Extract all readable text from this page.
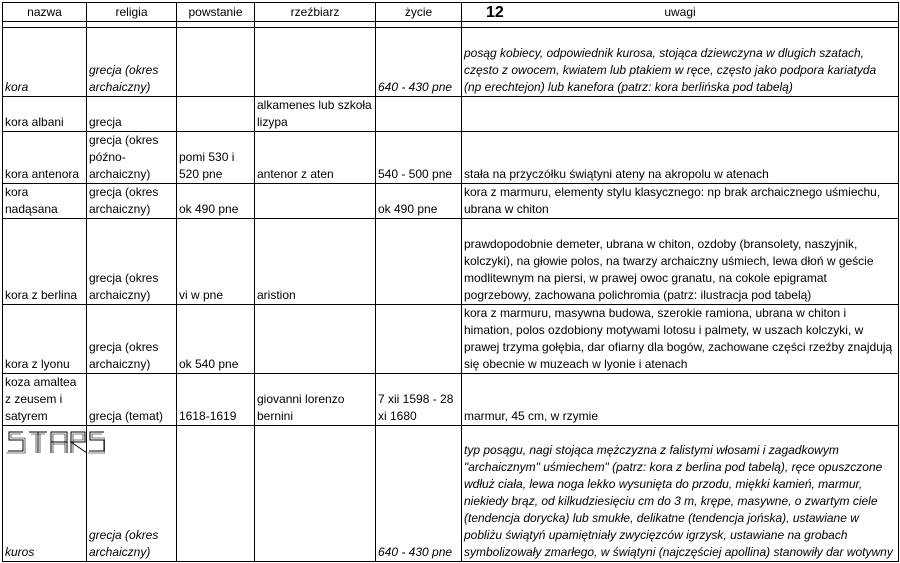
nazwa	religia	powstanie	rzeźbiarz	życie	12 uwagi

kora	grecja (okres archaiczny)			640 - 430 pne	posąg kobiecy, odpowiednik kurosa, stojąca dziewczyna w dlugich szatach, często z owocem, kwiatem lub ptakiem w ręce, często jako podpora kariatyda (np erechtejon) lub kanefora (patrz: kora berlińska pod tabelą)
kora albani	grecja		alkamenes lub szkoła lizypa		
kora antenora	grecja (okres późno-archaiczny)	pomi 530 i 520 pne	antenor z aten	540 - 500 pne	stała na przyczółku świątyni ateny na akropolu w atenach
kora nadąsana	grecja (okres archaiczny)	ok 490 pne		ok 490 pne	kora z marmuru, elementy stylu klasycznego: np brak archaicznego uśmiechu, ubrana w chiton
kora z berlina	grecja (okres archaiczny)	vi w pne	aristion		prawdopodobnie demeter, ubrana w chiton, ozdoby (bransolety, naszyjnik, kolczyki), na głowie polos, na twarzy archaiczny uśmiech, lewa dłoń w geście modlitewnym na piersi, w prawej owoc granatu, na cokole epigramat pogrzebowy, zachowana polichromia (patrz: ilustracja pod tabelą)
kora z lyonu	grecja (okres archaiczny)	ok 540 pne			kora z marmuru, masywna budowa, szerokie ramiona, ubrana w chiton i himation, polos ozdobiony motywami lotosu i palmety, w uszach kolczyki, w prawej trzyma gołębia, dar ofiarny dla bogów, zachowane części rzeźby znajdują się obecnie w muzeach w lyonie i atenach
koza amaltea z zeusem i satyrem	grecja (temat)	1618-1619	giovanni lorenzo bernini	7 xii 1598 - 28 xi 1680	marmur, 45 cm, w rzymie
kuros	grecja (okres archaiczny)			640 - 430 pne	typ posągu, nagi stojąca mężczyzna z falistymi włosami i zagadkowym "archaicznym" uśmiechem" (patrz: kora z berlina pod tabelą), ręce opuszczone wdłuż ciała, lewa noga lekko wysunięta do przodu, miękki kamień, marmur, niekiedy brąz, od kilkudziesięciu cm do 3 m, krępe, masywne, o zwartym ciele (tendencja dorycka) lub smukłe, delikatne (tendencja jońska), ustawiane w pobliżu świątyń upamiętniały zwycięzców igrzysk, ustawiane na grobach symbolizowały zmarłego, w świątyni (najczęściej apollina) stanowiły dar wotywny
